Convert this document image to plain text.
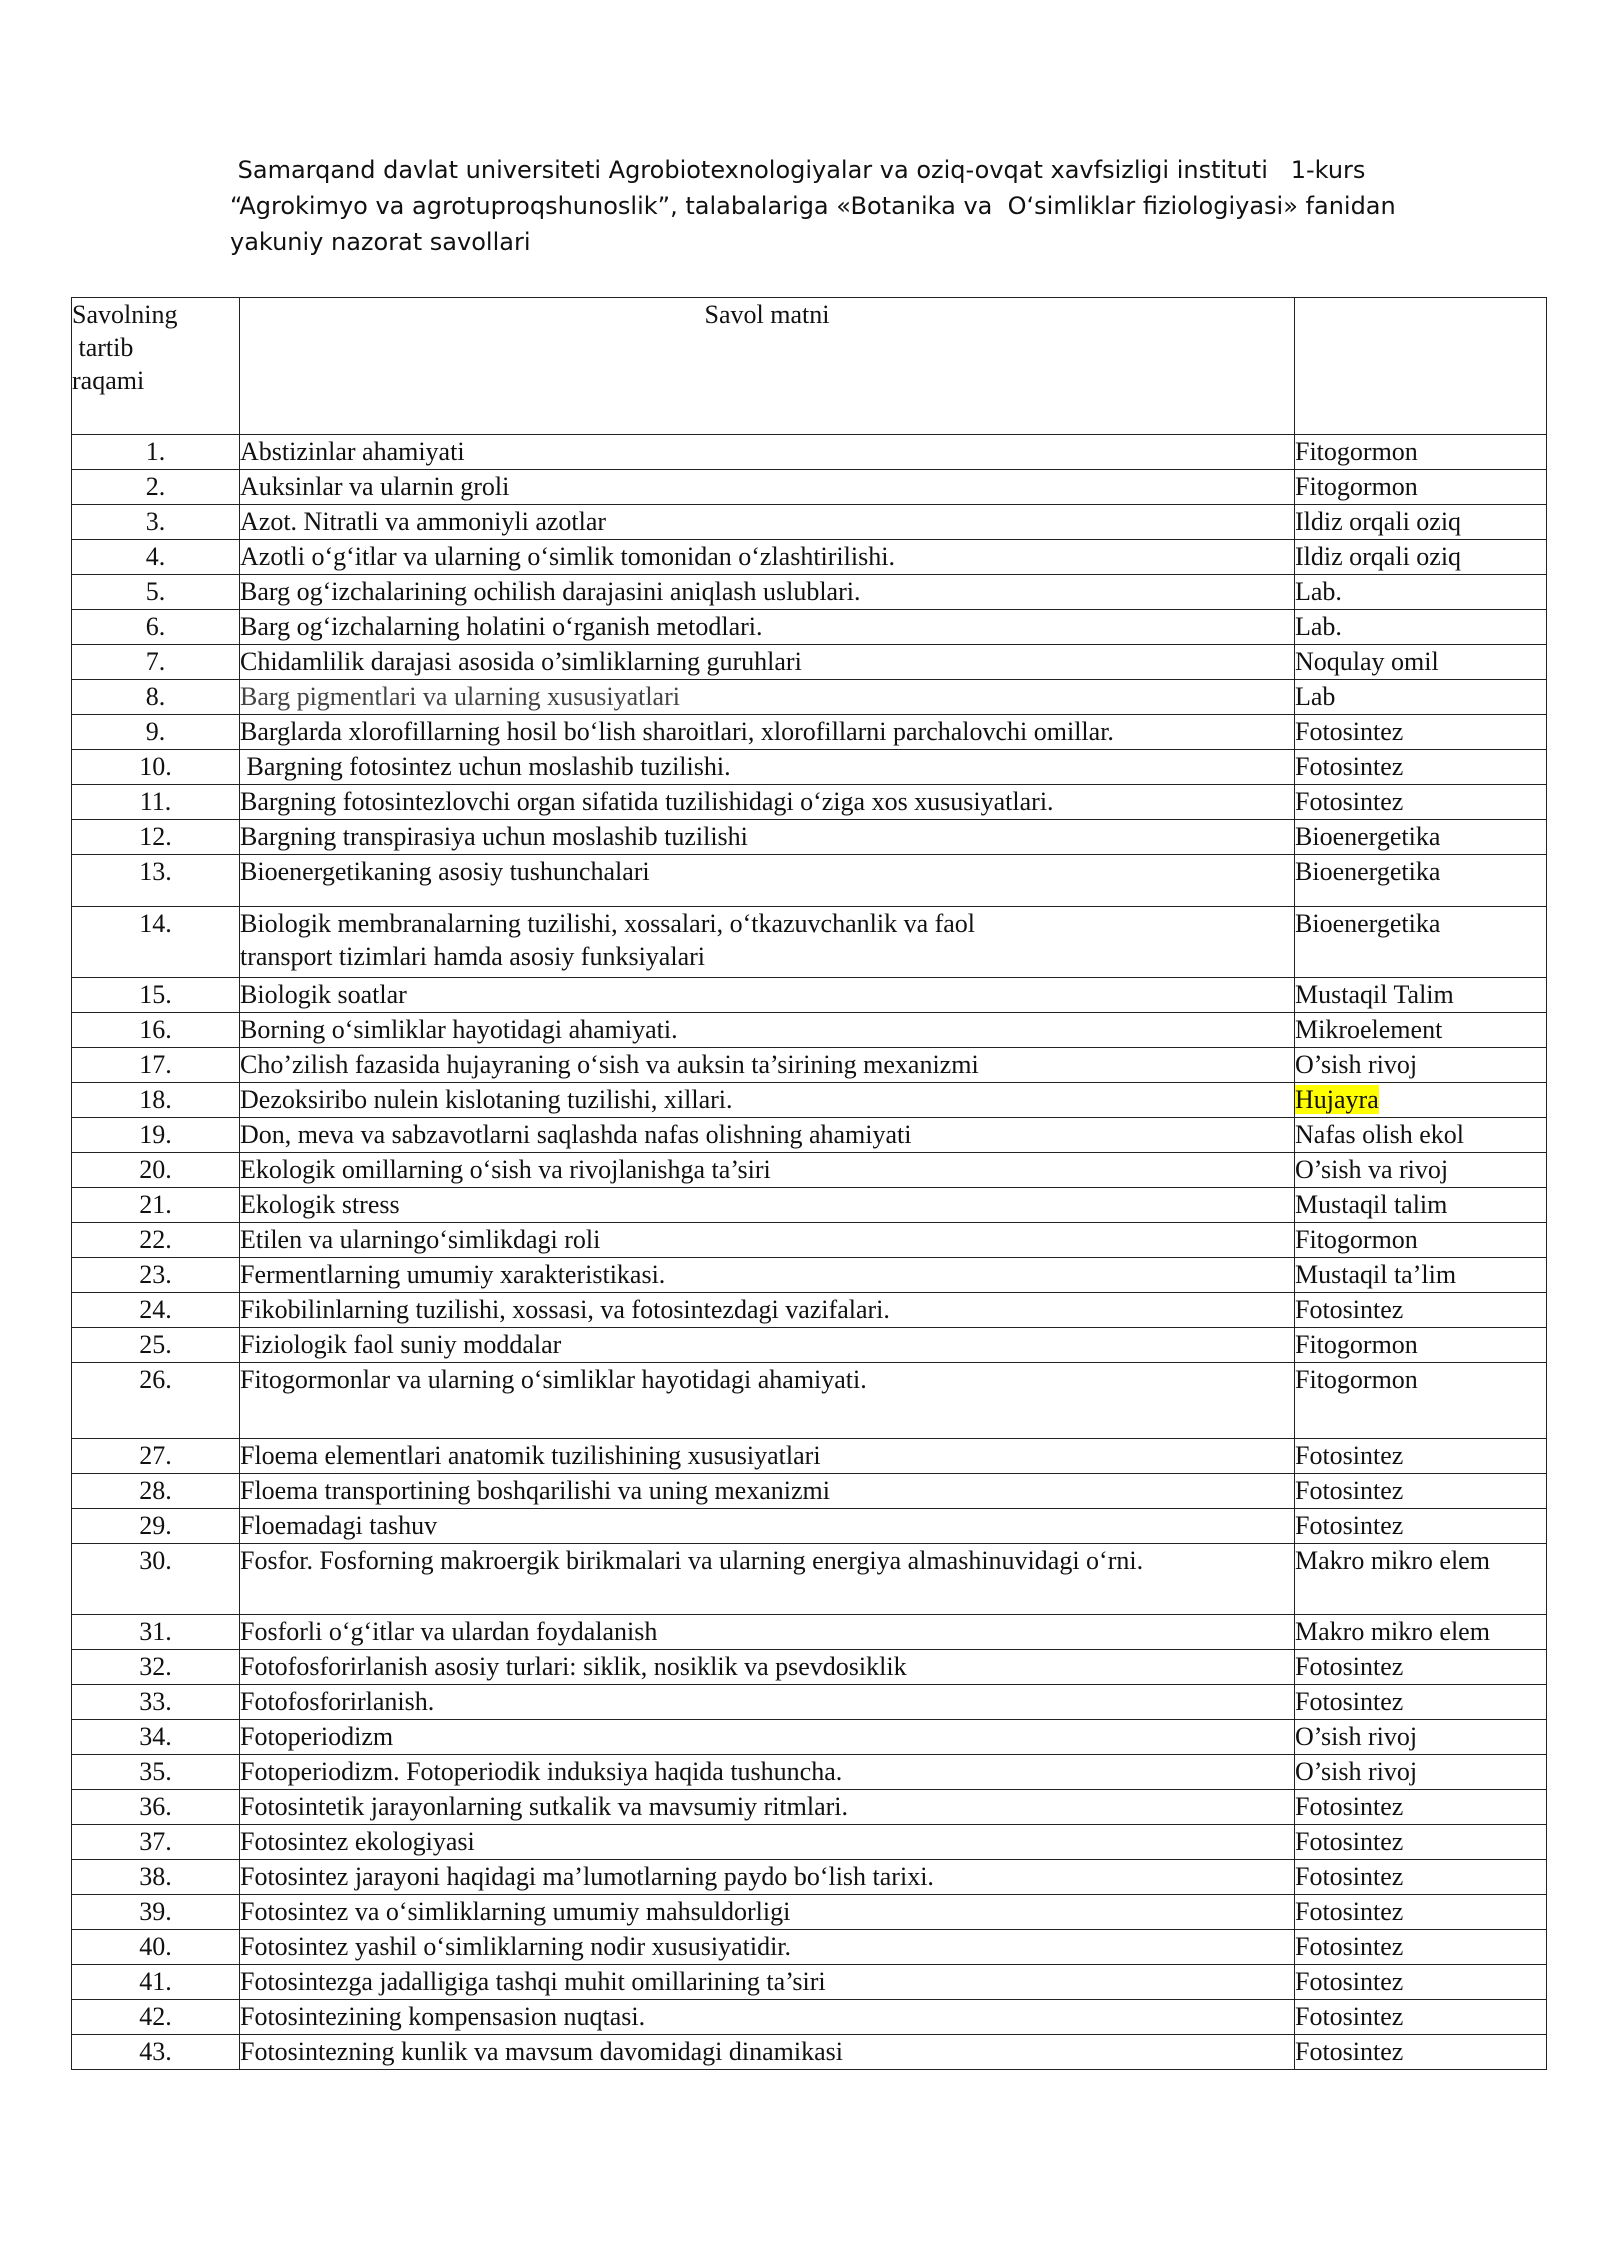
Samarqand davlat universiteti Agrobiotexnologiyalar va oziq-ovqat xavfsizligi instituti   1-kurs
“Agrokimyo va agrotuproqshunoslik”, talabalariga «Botanika va  O‘simliklar fiziologiyasi» fanidan
yakuniy nazorat savollari
Savolning
tartib
raqami	Savol matni	
1.	Abstizinlar ahamiyati	Fitogormon
2.	Auksinlar va ularnin groli	Fitogormon
3.	Azot. Nitratli va ammoniyli azotlar	Ildiz orqali oziq
4.	Azotli o‘g‘itlar va ularning o‘simlik tomonidan o‘zlashtirilishi.	Ildiz orqali oziq
5.	Barg og‘izchalarining ochilish darajasini aniqlash uslublari.	Lab.
6.	Barg og‘izchalarning holatini o‘rganish metodlari.	Lab.
7.	Chidamlilik darajasi asosida o’simliklarning guruhlari	Noqulay omil
8.	Barg pigmentlari va ularning xususiyatlari	Lab
9.	Barglarda xlorofillarning hosil bo‘lish sharoitlari, xlorofillarni parchalovchi omillar.	Fotosintez
10.	Bargning fotosintez uchun moslashib tuzilishi.	Fotosintez
11.	Bargning fotosintezlovchi organ sifatida tuzilishidagi o‘ziga xos xususiyatlari.	Fotosintez
12.	Bargning transpirasiya uchun moslashib tuzilishi	Bioenergetika
13.	Bioenergetikaning asosiy tushunchalari	Bioenergetika
14.	Biologik membranalarning tuzilishi, xossalari, o‘tkazuvchanlik va faol
transport tizimlari hamda asosiy funksiyalari	Bioenergetika
15.	Biologik soatlar	Mustaqil Talim
16.	Borning o‘simliklar hayotidagi ahamiyati.	Mikroelement
17.	Cho’zilish fazasida hujayraning o‘sish va auksin ta’sirining mexanizmi	O’sish rivoj
18.	Dezoksiribo nulein kislotaning tuzilishi, xillari.	Hujayra
19.	Don, meva va sabzavotlarni saqlashda nafas olishning ahamiyati	Nafas olish ekol
20.	Ekologik omillarning o‘sish va rivojlanishga ta’siri	O’sish va rivoj
21.	Ekologik stress	Mustaqil talim
22.	Etilen va ularningo‘simlikdagi roli	Fitogormon
23.	Fermentlarning umumiy xarakteristikasi.	Mustaqil ta’lim
24.	Fikobilinlarning tuzilishi, xossasi, va fotosintezdagi vazifalari.	Fotosintez
25.	Fiziologik faol suniy moddalar	Fitogormon
26.	Fitogormonlar va ularning o‘simliklar hayotidagi ahamiyati.	Fitogormon
27.	Floema elementlari anatomik tuzilishining xususiyatlari	Fotosintez
28.	Floema transportining boshqarilishi va uning mexanizmi	Fotosintez
29.	Floemadagi tashuv	Fotosintez
30.	Fosfor. Fosforning makroergik birikmalari va ularning energiya almashinuvidagi o‘rni.	Makro mikro elem
31.	Fosforli o‘g‘itlar va ulardan foydalanish	Makro mikro elem
32.	Fotofosforirlanish asosiy turlari: siklik, nosiklik va psevdosiklik	Fotosintez
33.	Fotofosforirlanish.	Fotosintez
34.	Fotoperiodizm	O’sish rivoj
35.	Fotoperiodizm. Fotoperiodik induksiya haqida tushuncha.	O’sish rivoj
36.	Fotosintetik jarayonlarning sutkalik va mavsumiy ritmlari.	Fotosintez
37.	Fotosintez ekologiyasi	Fotosintez
38.	Fotosintez jarayoni haqidagi ma’lumotlarning paydo bo‘lish tarixi.	Fotosintez
39.	Fotosintez va o‘simliklarning umumiy mahsuldorligi	Fotosintez
40.	Fotosintez yashil o‘simliklarning nodir xususiyatidir.	Fotosintez
41.	Fotosintezga jadalligiga tashqi muhit omillarining ta’siri	Fotosintez
42.	Fotosintezining kompensasion nuqtasi.	Fotosintez
43.	Fotosintezning kunlik va mavsum davomidagi dinamikasi	Fotosintez
